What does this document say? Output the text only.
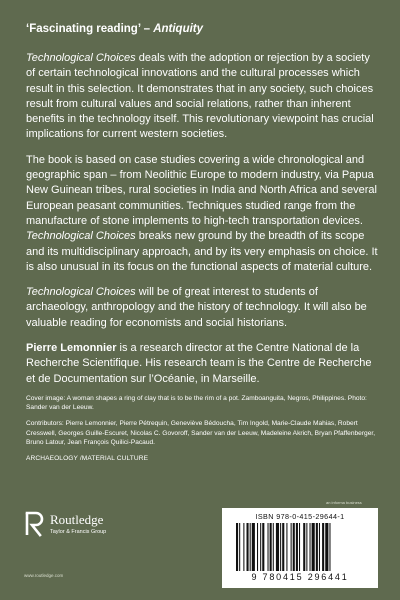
‘Fascinating reading’ – Antiquity

Technological Choices deals with the adoption or rejection by a society of certain technological innovations and the cultural processes which result in this selection. It demonstrates that in any society, such choices result from cultural values and social relations, rather than inherent benefits in the technology itself. This revolutionary viewpoint has crucial implications for current western societies.

The book is based on case studies covering a wide chronological and geographic span – from Neolithic Europe to modern industry, via Papua New Guinean tribes, rural societies in India and North Africa and several European peasant communities. Techniques studied range from the manufacture of stone implements to high-tech transportation devices. Technological Choices breaks new ground by the breadth of its scope and its multidisciplinary approach, and by its very emphasis on choice. It is also unusual in its focus on the functional aspects of material culture.

Technological Choices will be of great interest to students of archaeology, anthropology and the history of technology. It will also be valuable reading for economists and social historians.

Pierre Lemonnier is a research director at the Centre National de la Recherche Scientifique. His research team is the Centre de Recherche et de Documentation sur l’Océanie, in Marseille.

Cover image: A woman shapes a ring of clay that is to be the rim of a pot. Zamboanguita, Negros, Philippines. Photo: Sander van der Leeuw.

Contributors: Pierre Lemonnier, Pierre Pétrequin, Geneviève Bédoucha, Tim Ingold, Marie-Claude Mahias, Robert Cresswell, Georges Guille-Escuret, Nicolas C. Govoroff, Sander van der Leeuw, Madeleine Akrich, Bryan Pfaffenberger, Bruno Latour, Jean François Quilici-Pacaud.

ARCHAEOLOGY /MATERIAL CULTURE

Routledge
Taylor & Francis Group
www.routledge.com
an informa business
ISBN 978-0-415-29644-1
9 780415 296441
